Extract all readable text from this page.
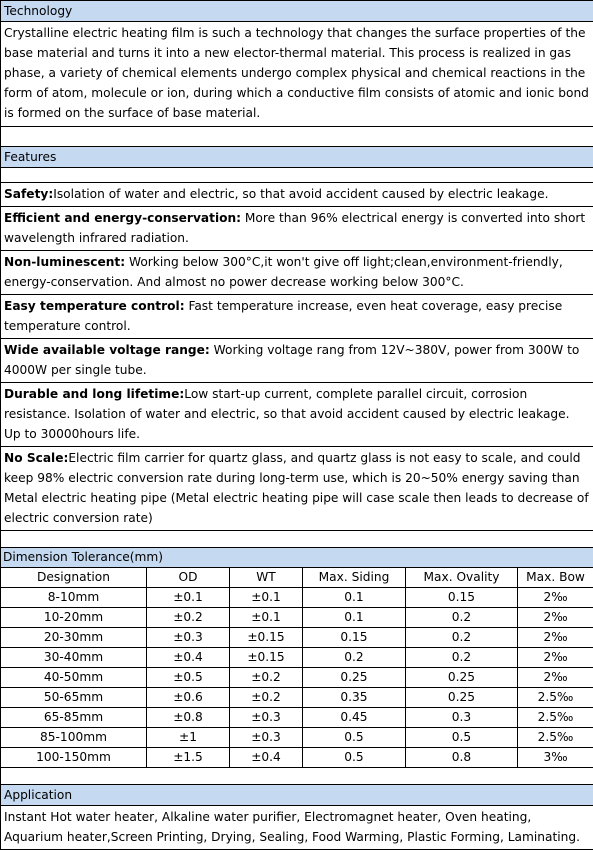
Technology
Crystalline electric heating film is such a technology that changes the surface properties of the base material and turns it into a new elector-thermal material. This process is realized in gas phase, a variety of chemical elements undergo complex physical and chemical reactions in the form of atom, molecule or ion, during which a conductive film consists of atomic and ionic bond is formed on the surface of base material.

Features

Safety:Isolation of water and electric, so that avoid accident caused by electric leakage.
Efficient and energy-conservation: More than 96% electrical energy is converted into short wavelength infrared radiation.
Non-luminescent: Working below 300°C,it won't give off light;clean,environment-friendly, energy-conservation. And almost no power decrease working below 300°C.
Easy temperature control: Fast temperature increase, even heat coverage, easy precise temperature control.
Wide available voltage range: Working voltage rang from 12V~380V, power from 300W to 4000W per single tube.
Durable and long lifetime:Low start-up current, complete parallel circuit, corrosion resistance. Isolation of water and electric, so that avoid accident caused by electric leakage. Up to 30000hours life.
No Scale:Electric film carrier for quartz glass, and quartz glass is not easy to scale, and could keep 98% electric conversion rate during long-term use, which is 20~50% energy saving than Metal electric heating pipe (Metal electric heating pipe will case scale then leads to decrease of electric conversion rate)

Dimension Tolerance(mm)					
Designation	OD	WT	Max. Siding	Max. Ovality	Max. Bow
8-10mm	±0.1	±0.1	0.1	0.15	2‰
10-20mm	±0.2	±0.1	0.1	0.2	2‰
20-30mm	±0.3	±0.15	0.15	0.2	2‰
30-40mm	±0.4	±0.15	0.2	0.2	2‰
40-50mm	±0.5	±0.2	0.25	0.25	2‰
50-65mm	±0.6	±0.2	0.35	0.25	2.5‰
65-85mm	±0.8	±0.3	0.45	0.3	2.5‰
85-100mm	±1	±0.3	0.5	0.5	2.5‰
100-150mm	±1.5	±0.4	0.5	0.8	3‰

Application
Instant Hot water heater, Alkaline water purifier, Electromagnet heater, Oven heating, Aquarium heater,Screen Printing, Drying, Sealing, Food Warming, Plastic Forming, Laminating.
